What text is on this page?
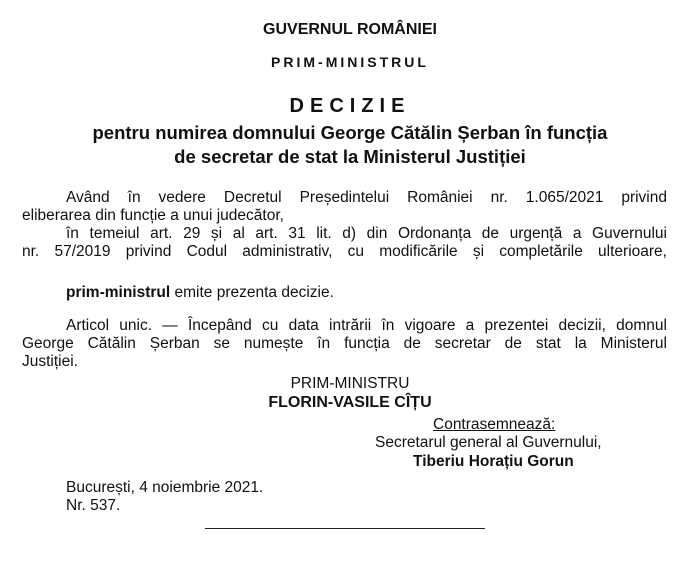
GUVERNUL ROMÂNIEI
PRIM-MINISTRUL
DECIZIE
pentru numirea domnului George Cătălin Șerban în funcția
de secretar de stat la Ministerul Justiției
Având în vedere Decretul Președintelui României nr. 1.065/2021 privind
eliberarea din funcție a unui judecător,
în temeiul art. 29 și al art. 31 lit. d) din Ordonanța de urgență a Guvernului
nr. 57/2019 privind Codul administrativ, cu modificările și completările ulterioare,
prim-ministrul emite prezenta decizie.
Articol unic. — Începând cu data intrării în vigoare a prezentei decizii, domnul
George Cătălin Șerban se numește în funcția de secretar de stat la Ministerul
Justiției.
PRIM-MINISTRU
FLORIN-VASILE CÎȚU
Contrasemnează:
Secretarul general al Guvernului,
Tiberiu Horațiu Gorun
București, 4 noiembrie 2021.
Nr. 537.
